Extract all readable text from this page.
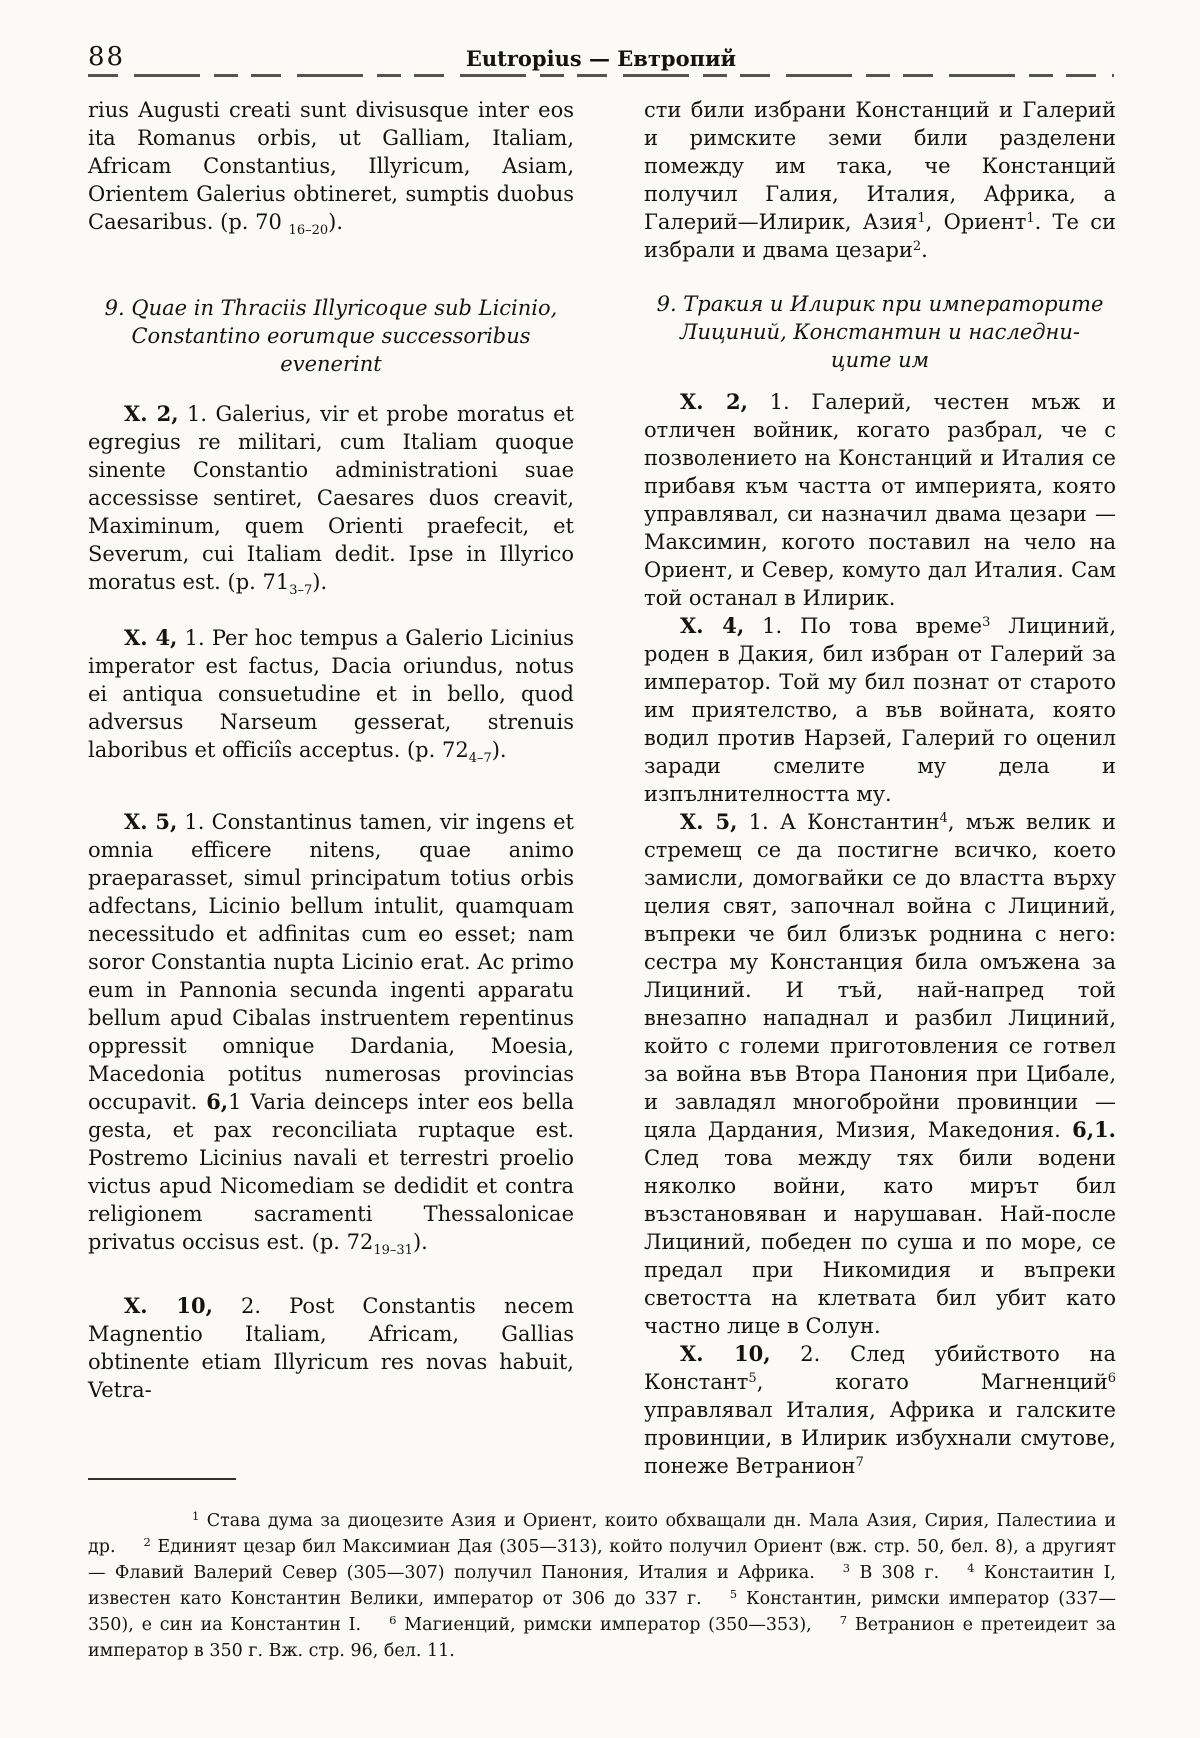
88	Eutropius — Евтропий

rius Augusti creati sunt divisusque inter eos ita Romanus orbis, ut Galliam, Italiam, Africam Constantius, Illyricum, Asiam, Orientem Galerius obtineret, sumptis duobus Caesaribus. (p. 70 $_{16-20}$).

9. Quae in Thraciis Illyricoque sub Licinio,
Constantino eorumque successoribus
evenerint

X. 2, 1. Galerius, vir et probe moratus et egregius re militari, cum Italiam quoque sinente Constantio administrationi suae accessisse sentiret, Caesares duos creavit, Maximinum, quem Orienti praefecit, et Severum, cui Italiam dedit. Ipse in Illyrico moratus est. (p. $71_{3-7}$).

X. 4, 1. Per hoc tempus a Galerio Licinius imperator est factus, Dacia oriundus, notus ei antiqua consuetudine et in bello, quod adversus Narseum gesserat, strenuis laboribus et officiîs acceptus. (p. $72_{4-7}$).

X. 5, 1. Constantinus tamen, vir ingens et omnia efficere nitens, quae animo praeparasset, simul principatum totius orbis adfectans, Licinio bellum intulit, quamquam necessitudo et adfinitas cum eo esset; nam soror Constantia nupta Licinio erat. Ac primo eum in Pannonia secunda ingenti apparatu bellum apud Cibalas instruentem repentinus oppressit omnique Dardania, Moesia, Macedonia potitus numerosas provincias occupavit. 6,1 Varia deinceps inter eos bella gesta, et pax reconciliata ruptaque est. Postremo Licinius navali et terrestri proelio victus apud Nicomediam se dedidit et contra religionem sacramenti Thessalonicae privatus occisus est. (p. $72_{19-31}$).

X. 10, 2. Post Constantis necem Magnentio Italiam, Africam, Gallias obtinente etiam Illyricum res novas habuit, Vetra-

сти били избрани Констанций и Галерий и римските земи били разделени помежду им така, че Констанций получил Галия, Италия, Африка, а Галерий—Илирик, Азия$^1$, Ориент$^1$. Те си избрали и двама цезари$^2$.

9. Тракия и Илирик при императорите
Лициний, Константин и наследни-
ците им

X. 2, 1. Галерий, честен мъж и отличен войник, когато разбрал, че с позволението на Констанций и Италия се прибавя към частта от империята, която управлявал, си назначил двама цезари — Максимин, когото поставил на чело на Ориент, и Север, комуто дал Италия. Сам той останал в Илирик.

X. 4, 1. По това време$^3$ Лициний, роден в Дакия, бил избран от Галерий за император. Той му бил познат от старото им приятелство, а във войната, която водил против Нарзей, Галерий го оценил заради смелите му дела и изпълнителността му.

X. 5, 1. А Константин$^4$, мъж велик и стремещ се да постигне всичко, което замисли, домогвайки се до властта върху целия свят, започнал война с Лициний, въпреки че бил близък роднина с него: сестра му Констанция била омъжена за Лициний. И тъй, най-напред той внезапно нападнал и разбил Лициний, който с големи приготовления се готвел за война във Втора Панония при Цибале, и завладял многобройни провинции — цяла Дардания, Мизия, Македония. 6,1. След това между тях били водени няколко войни, като мирът бил възстановяван и нарушаван. Най-после Лициний, победен по суша и по море, се предал при Никомидия и въпреки светостта на клетвата бил убит като частно лице в Солун.

X. 10, 2. След убийството на Констант$^5$, когато Магненций$^6$ управлявал Италия, Африка и галските провинции, в Илирик избухнали смутове, понеже Ветранион$^7$

$^1$ Става дума за диоцезите Азия и Ориент, които обхващали дн. Мала Азия, Сирия, Палестииа и др. $^2$ Единият цезар бил Максимиан Дая (305—313), който получил Ориент (вж. стр. 50, бел. 8), а другият — Флавий Валерий Север (305—307) получил Панония, Италия и Африка. $^3$ В 308 г. $^4$ Констаитин I, известен като Константин Велики, император от 306 до 337 г. $^5$ Константин, римски император (337—350), е син иа Константин I. $^6$ Магиенций, римски император (350—353), $^7$ Ветранион е претеидеит за император в 350 г. Вж. стр. 96, бел. 11.
